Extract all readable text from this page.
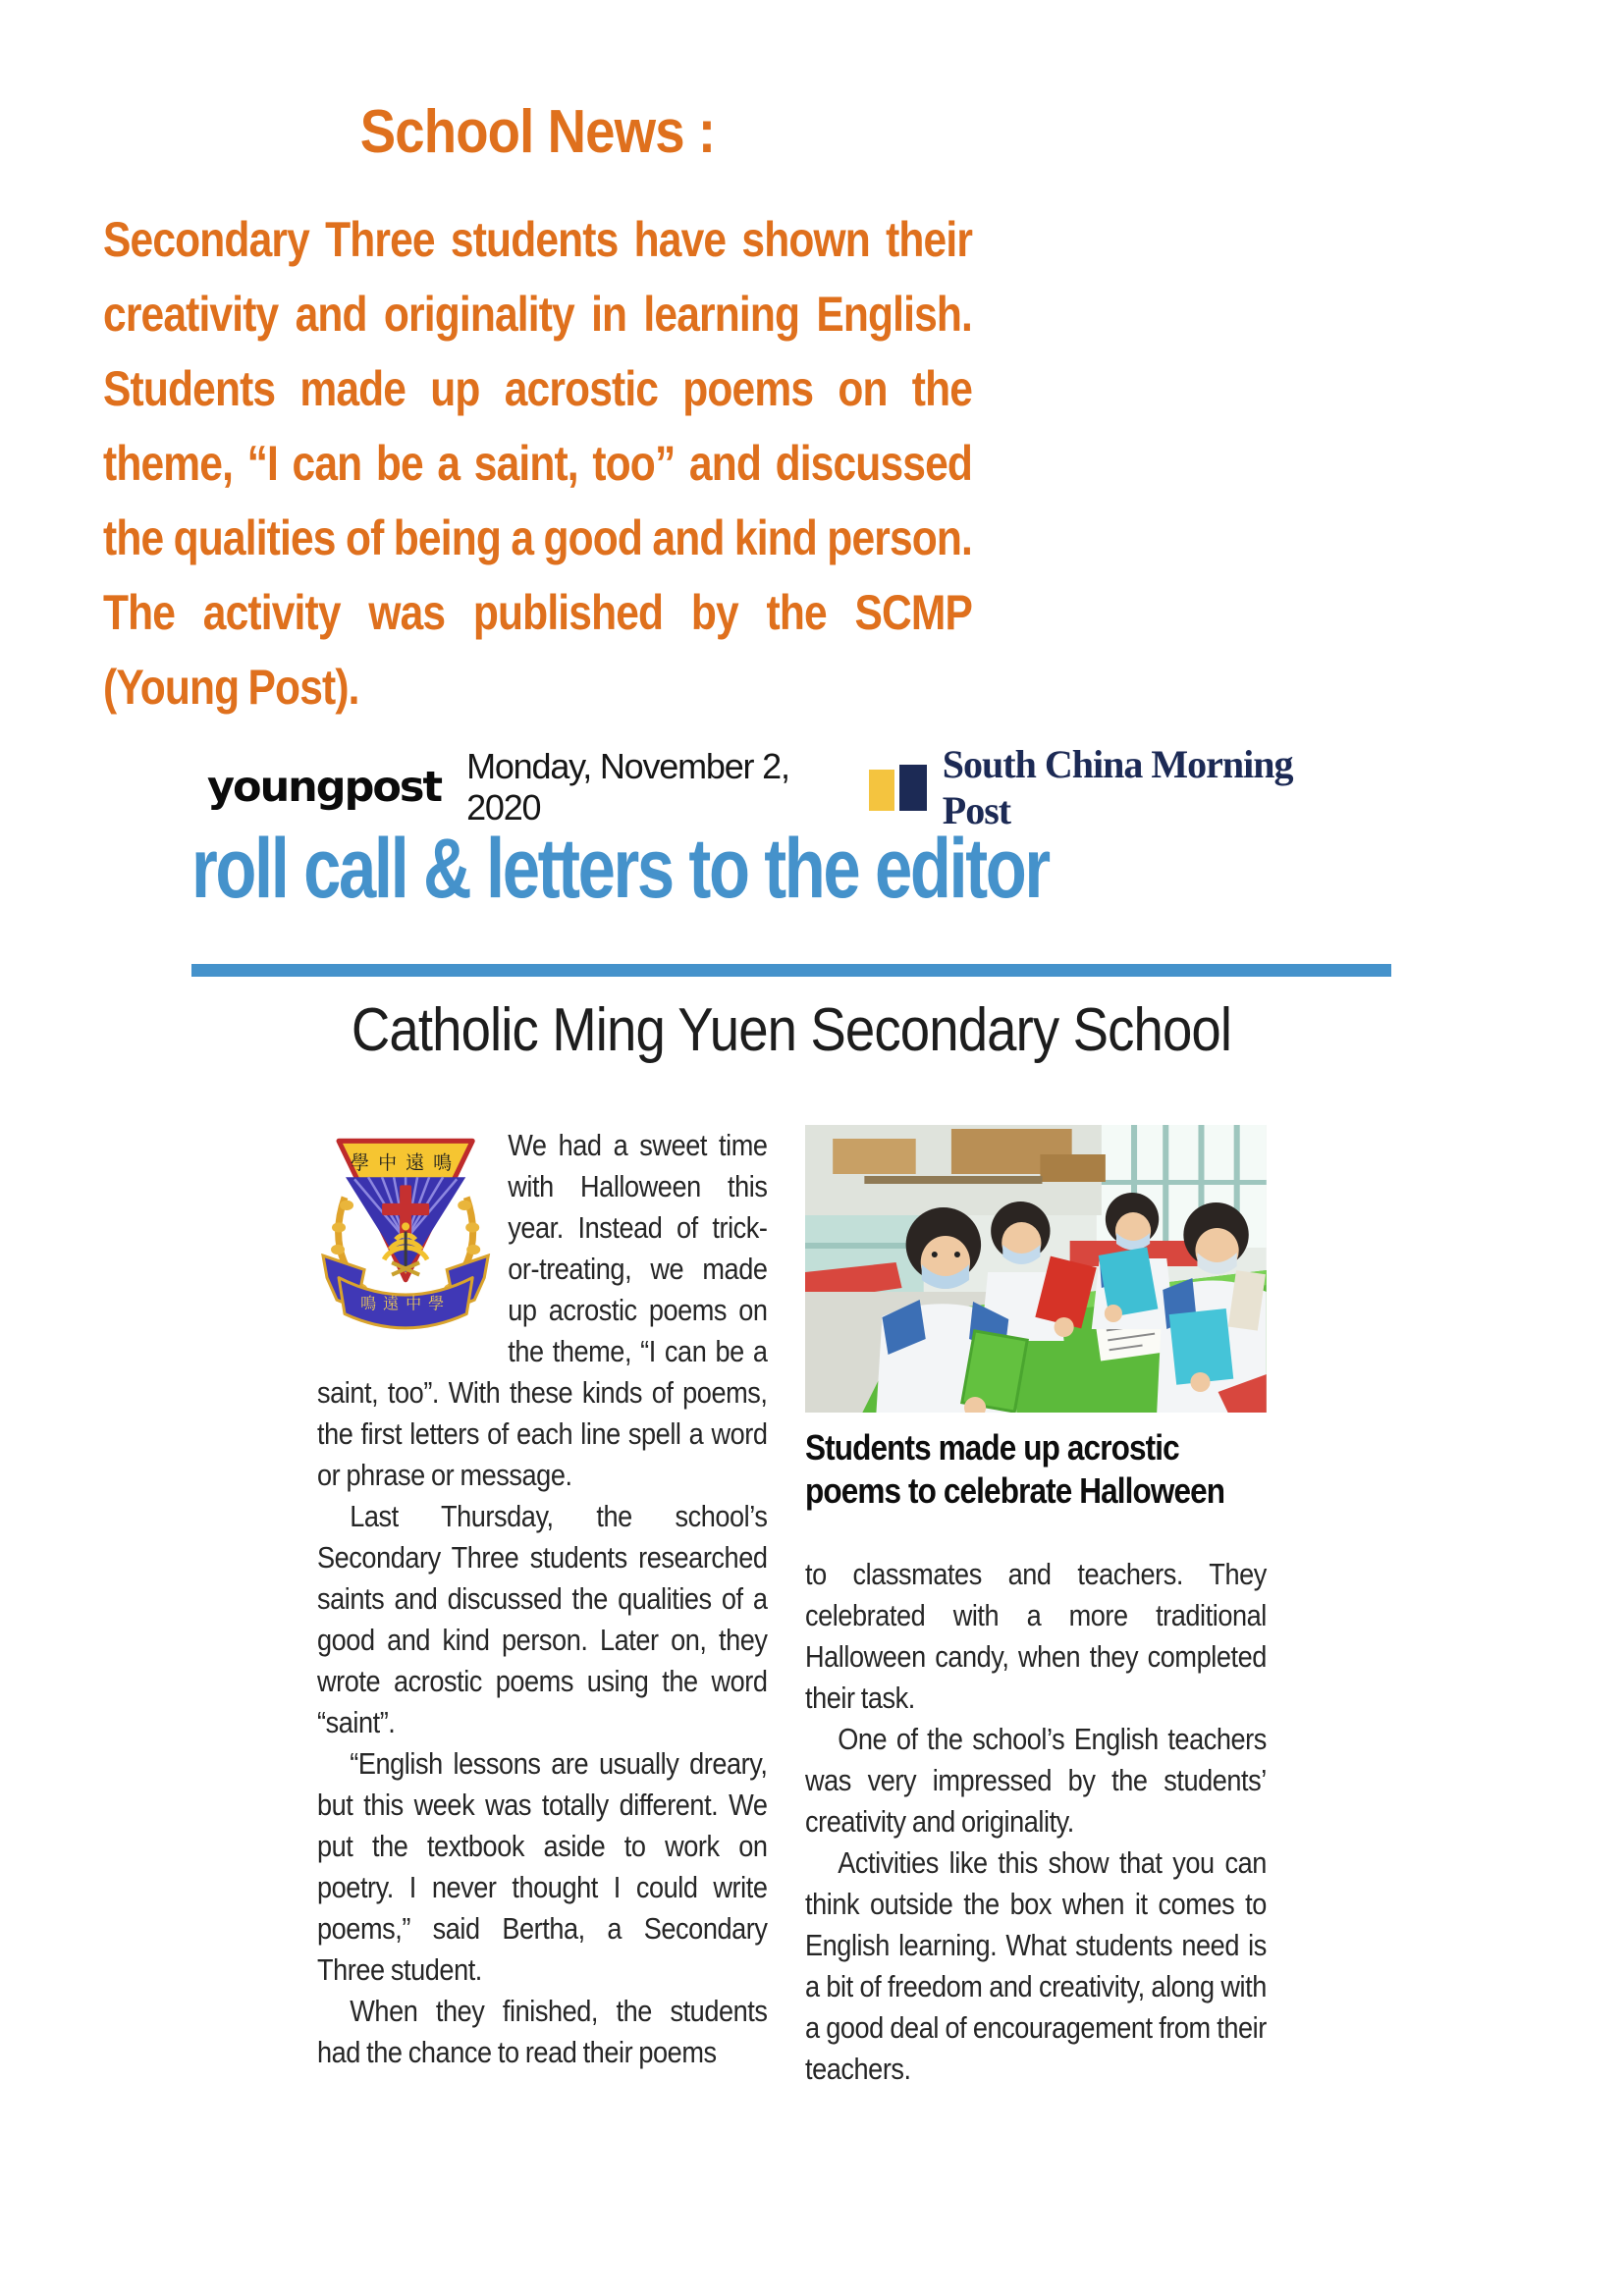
School News :
Secondary Three students have shown their creativity and originality in learning English. Students made up acrostic poems on the theme, “I can be a saint, too” and discussed the qualities of being a good and kind person. The activity was published by the SCMP (Young Post).
youngpost Monday, November 2, 2020
South China Morning Post
roll call & letters to the editor
Catholic Ming Yuen Secondary School
鳴遠中學
學中遠鳴

We had a sweet time with Halloween this year. Instead of trick-or-treating, we made up acrostic poems on the theme, “I can be a saint, too”. With these kinds of poems, the first letters of each line spell a word or phrase or message.

Last Thursday, the school’s Secondary Three students researched saints and discussed the qualities of a good and kind person. Later on, they wrote acrostic poems using the word “saint”.

“English lessons are usually dreary, but this week was totally different. We put the textbook aside to work on poetry. I never thought I could write poems,” said Bertha, a Secondary Three student.

When they finished, the students had the chance to read their poems

Students made up acrostic poems to celebrate Halloween

to classmates and teachers. They celebrated with a more traditional Halloween candy, when they completed their task.

One of the school’s English teachers was very impressed by the students’ creativity and originality.

Activities like this show that you can think outside the box when it comes to English learning. What students need is a bit of freedom and creativity, along with a good deal of encouragement from their teachers.
